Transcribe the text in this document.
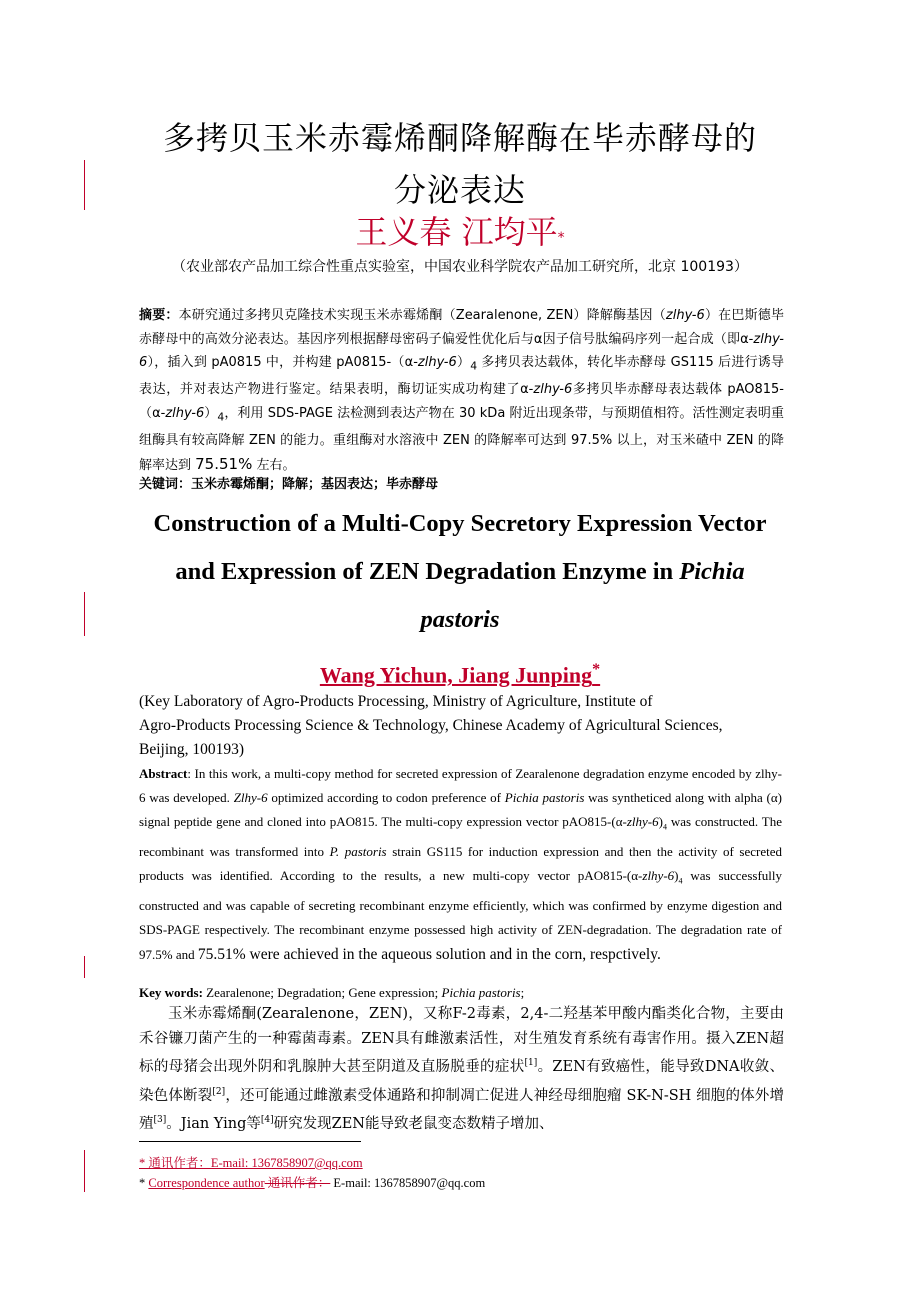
多拷贝玉米赤霉烯酮降解酶在毕赤酵母的
分泌表达
王义春 江均平*
（农业部农产品加工综合性重点实验室，中国农业科学院农产品加工研究所，北京 100193）
摘要：本研究通过多拷贝克隆技术实现玉米赤霉烯酮（Zearalenone, ZEN）降解酶基因（zlhy-6）在巴斯德毕赤酵母中的高效分泌表达。基因序列根据酵母密码子偏爱性优化后与α因子信号肽编码序列一起合成（即α-zlhy-6），插入到 pA0815 中，并构建 $pA0815-(\alpha-zlhy-6)_4$ 多拷贝表达载体，转化毕赤酵母 GS115 后进行诱导表达，并对表达产物进行鉴定。结果表明，酶切证实成功构建了α-zlhy-6多拷贝毕赤酵母表达载体 $pAO815-(\alpha-zlhy-6)_4$，利用 SDS-PAGE 法检测到表达产物在 30 kDa 附近出现条带，与预期值相符。活性测定表明重组酶具有较高降解 ZEN 的能力。重组酶对水溶液中 ZEN 的降解率可达到 97.5% 以上，对玉米碴中 ZEN 的降解率达到 75.51% 左右。
关键词：玉米赤霉烯酮；降解；基因表达；毕赤酵母
Construction of a Multi-Copy Secretory Expression Vector
and Expression of ZEN Degradation Enzyme in Pichia
pastoris
Wang Yichun, Jiang Junping*
(Key Laboratory of Agro-Products Processing, Ministry of Agriculture, Institute of
Agro-Products Processing Science & Technology, Chinese Academy of Agricultural Sciences,
Beijing, 100193)
Abstract: In this work, a multi-copy method for secreted expression of Zearalenone degradation enzyme encoded by zlhy-6 was developed. Zlhy-6 optimized according to codon preference of Pichia pastoris was syntheticed along with alpha (α) signal peptide gene and cloned into pAO815. The multi-copy expression vector $pAO815-(\alpha-zlhy-6)_4$ was constructed. The recombinant was transformed into P. pastoris strain GS115 for induction expression and then the activity of secreted products was identified. According to the results, a new multi-copy vector $pAO815-(\alpha-zlhy-6)_4$ was successfully constructed and was capable of secreting recombinant enzyme efficiently, which was confirmed by enzyme digestion and SDS-PAGE respectively. The recombinant enzyme possessed high activity of ZEN-degradation. The degradation rate of 97.5% and 75.51% were achieved in the aqueous solution and in the corn, respctively.
Key words: Zearalenone; Degradation; Gene expression; Pichia pastoris;

玉米赤霉烯酮(Zearalenone，ZEN)，又称F-2毒素，2,4-二羟基苯甲酸内酯类化合物，主要由禾谷镰刀菌产生的一种霉菌毒素。ZEN具有雌激素活性，对生殖发育系统有毒害作用。摄入ZEN超标的母猪会出现外阴和乳腺肿大甚至阴道及直肠脱垂的症状[1]。ZEN有致癌性，能导致DNA收敛、染色体断裂[2]，还可能通过雌激素受体通路和抑制凋亡促进人神经母细胞瘤 SK-N-SH 细胞的体外增殖[3]。Jian Ying等[4]研究发现ZEN能导致老鼠变态数精子增加、

* 通讯作者：E-mail: 1367858907@qq.com
* Correspondence author 通讯作者： E-mail: 1367858907@qq.com
